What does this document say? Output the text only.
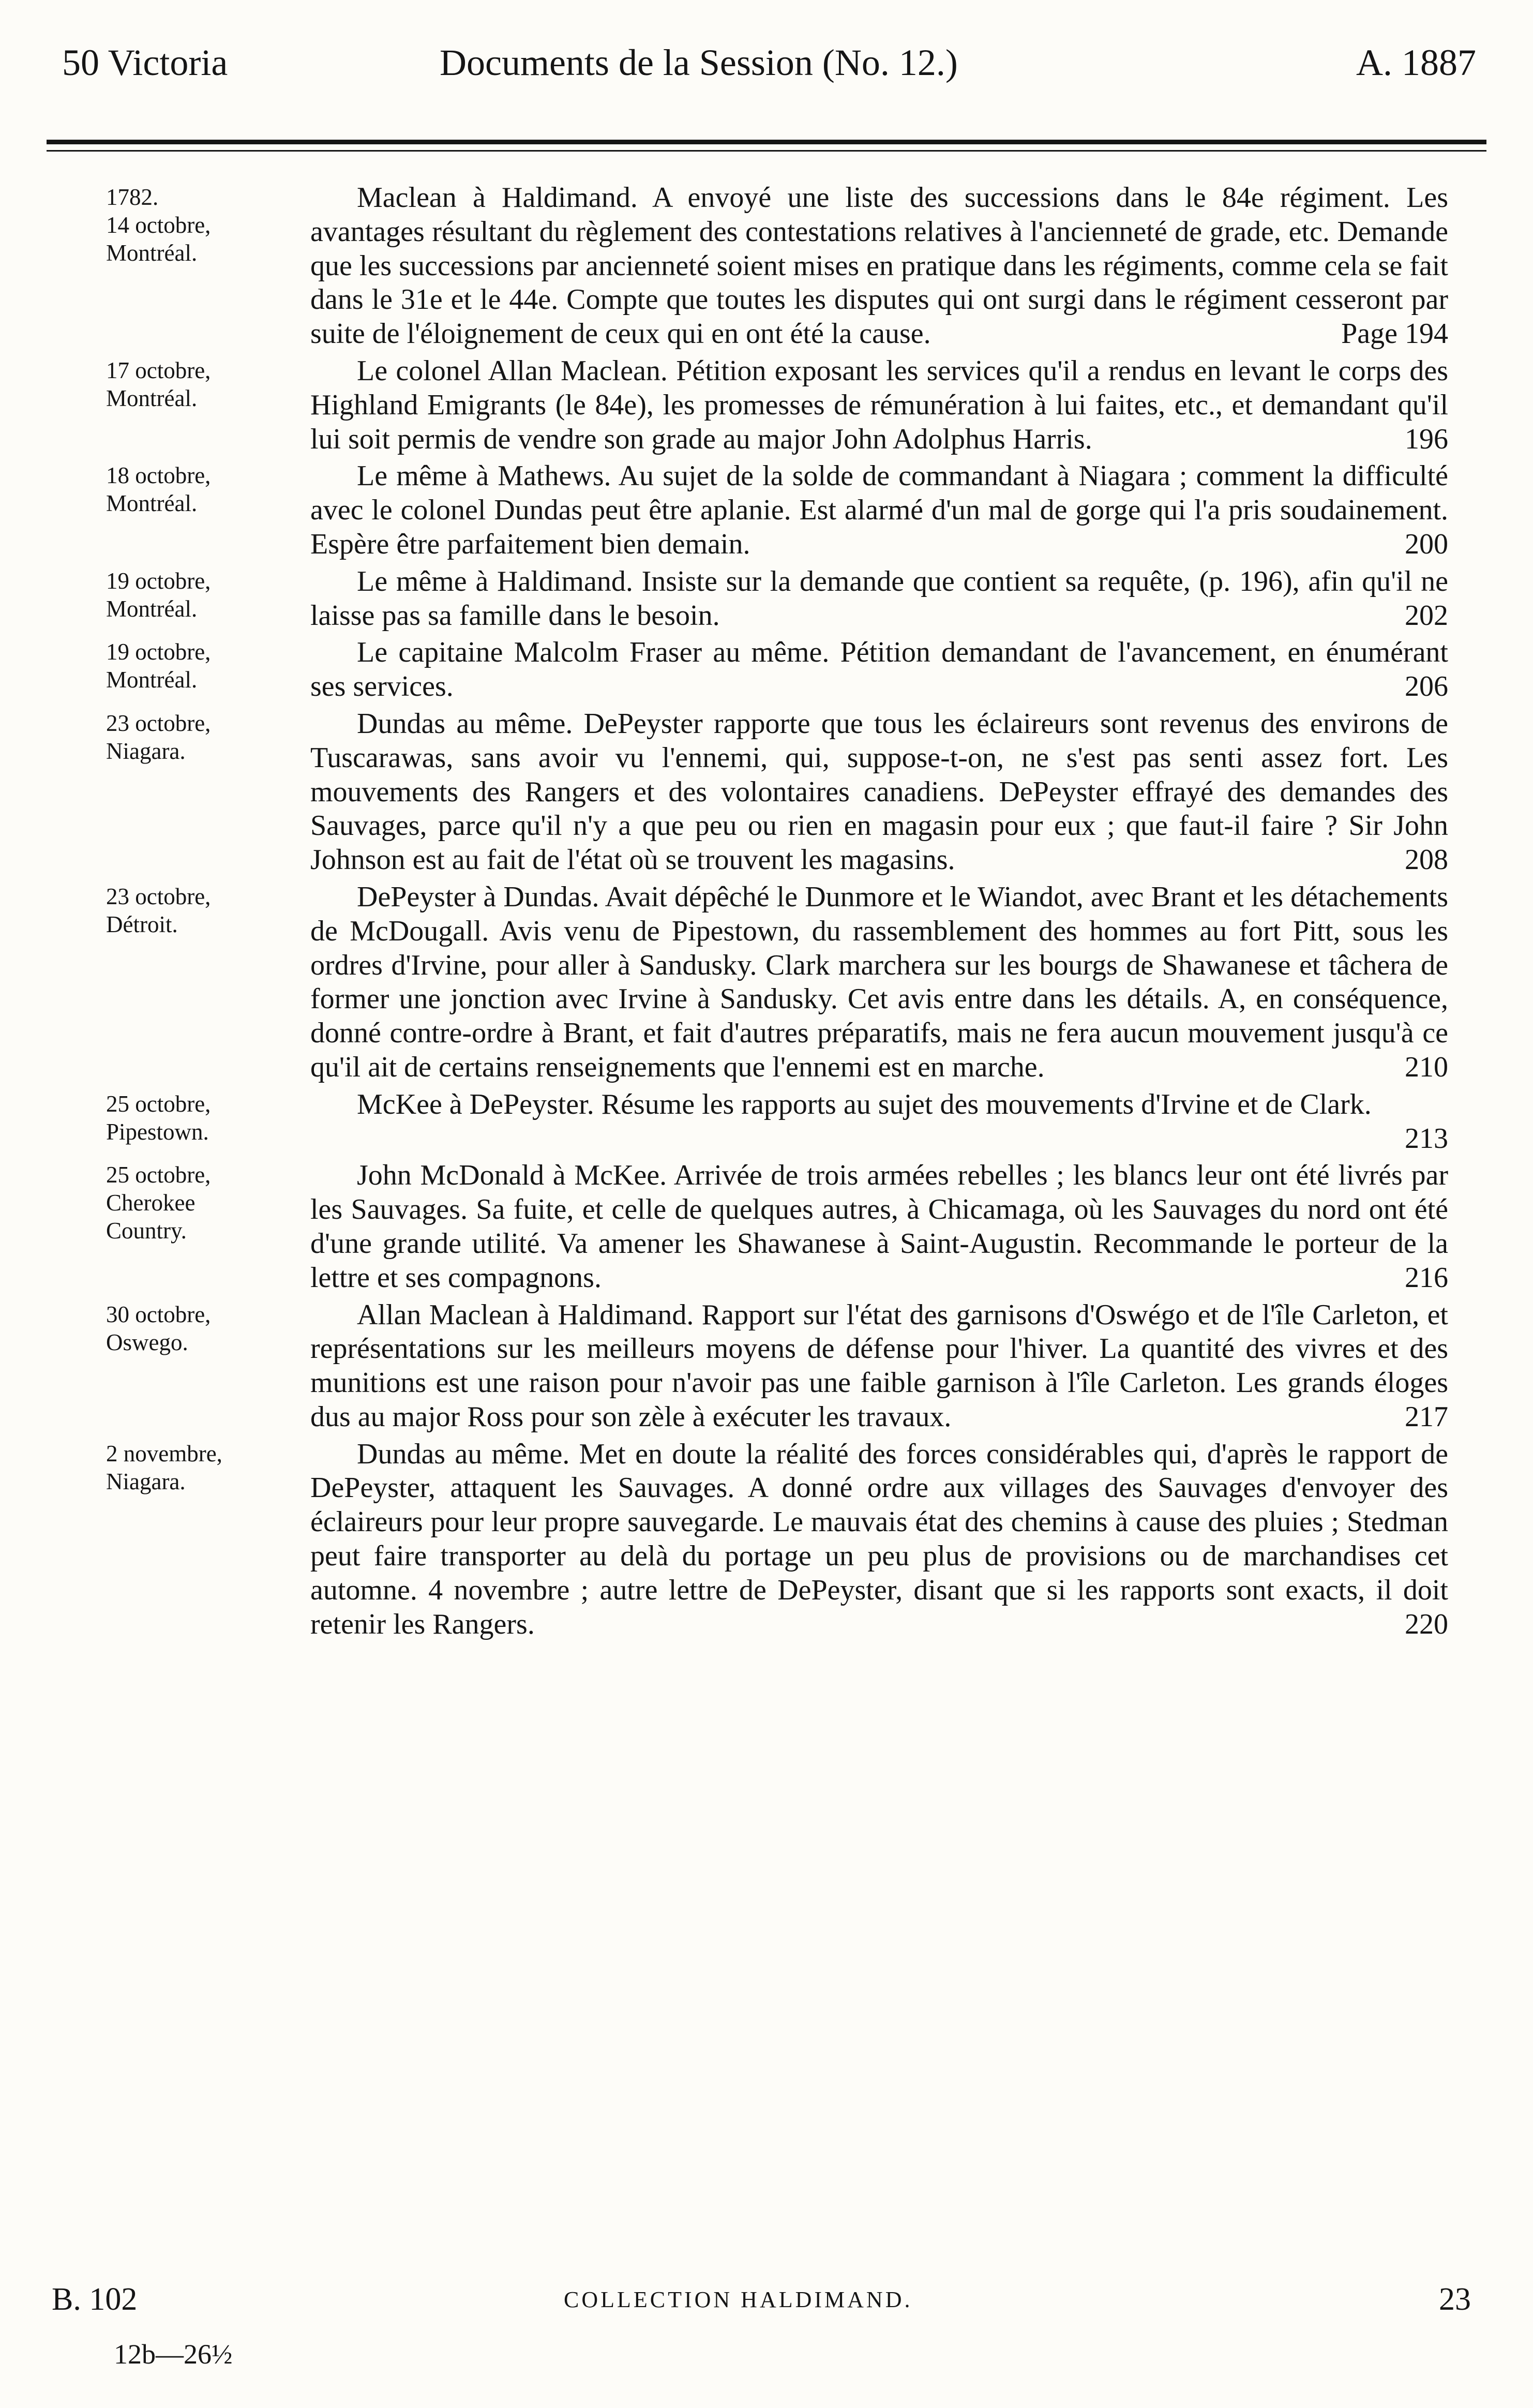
50 Victoria	Documents de la Session (No. 12.)	A. 1887
1782.
14 octobre,
Montréal.
Maclean à Haldimand. A envoyé une liste des successions dans le 84e régiment. Les avantages résultant du règlement des contestations relatives à l'ancienneté de grade, etc. Demande que les successions par ancienneté soient mises en pratique dans les régiments, comme cela se fait dans le 31e et le 44e. Compte que toutes les disputes qui ont surgi dans le régiment cesseront par suite de l'éloignement de ceux qui en ont été la cause.	Page 194
17 octobre,
Montréal.
Le colonel Allan Maclean. Pétition exposant les services qu'il a rendus en levant le corps des Highland Emigrants (le 84e), les promesses de rémunération à lui faites, etc., et demandant qu'il lui soit permis de vendre son grade au major John Adolphus Harris.	196
18 octobre,
Montréal.
Le même à Mathews. Au sujet de la solde de commandant à Niagara ; comment la difficulté avec le colonel Dundas peut être aplanie. Est alarmé d'un mal de gorge qui l'a pris soudainement. Espère être parfaitement bien demain.	200
19 octobre,
Montréal.
Le même à Haldimand. Insiste sur la demande que contient sa requête, (p. 196), afin qu'il ne laisse pas sa famille dans le besoin.	202
19 octobre,
Montréal.
Le capitaine Malcolm Fraser au même. Pétition demandant de l'avancement, en énumérant ses services.	206
23 octobre,
Niagara.
Dundas au même. DePeyster rapporte que tous les éclaireurs sont revenus des environs de Tuscarawas, sans avoir vu l'ennemi, qui, suppose-t-on, ne s'est pas senti assez fort. Les mouvements des Rangers et des volontaires canadiens. DePeyster effrayé des demandes des Sauvages, parce qu'il n'y a que peu ou rien en magasin pour eux ; que faut-il faire ? Sir John Johnson est au fait de l'état où se trouvent les magasins.	208
23 octobre,
Détroit.
DePeyster à Dundas. Avait dépêché le Dunmore et le Wiandot, avec Brant et les détachements de McDougall. Avis venu de Pipestown, du rassemblement des hommes au fort Pitt, sous les ordres d'Irvine, pour aller à Sandusky. Clark marchera sur les bourgs de Shawanese et tâchera de former une jonction avec Irvine à Sandusky. Cet avis entre dans les détails. A, en conséquence, donné contre-ordre à Brant, et fait d'autres préparatifs, mais ne fera aucun mouvement jusqu'à ce qu'il ait de certains renseignements que l'ennemi est en marche.	210
25 octobre,
Pipestown.
McKee à DePeyster. Résume les rapports au sujet des mouvements d'Irvine et de Clark.
213
25 octobre,
Cherokee
Country.
John McDonald à McKee. Arrivée de trois armées rebelles ; les blancs leur ont été livrés par les Sauvages. Sa fuite, et celle de quelques autres, à Chicamaga, où les Sauvages du nord ont été d'une grande utilité. Va amener les Shawanese à Saint-Augustin. Recommande le porteur de la lettre et ses compagnons.	216
30 octobre,
Oswego.
Allan Maclean à Haldimand. Rapport sur l'état des garnisons d'Oswégo et de l'île Carleton, et représentations sur les meilleurs moyens de défense pour l'hiver. La quantité des vivres et des munitions est une raison pour n'avoir pas une faible garnison à l'île Carleton. Les grands éloges dus au major Ross pour son zèle à exécuter les travaux.	217
2 novembre,
Niagara.
Dundas au même. Met en doute la réalité des forces considérables qui, d'après le rapport de DePeyster, attaquent les Sauvages. A donné ordre aux villages des Sauvages d'envoyer des éclaireurs pour leur propre sauvegarde. Le mauvais état des chemins à cause des pluies ; Stedman peut faire transporter au delà du portage un peu plus de provisions ou de marchandises cet automne. 4 novembre ; autre lettre de DePeyster, disant que si les rapports sont exacts, il doit retenir les Rangers.	220
B. 102
12b—26½
COLLECTION HALDIMAND.	23
